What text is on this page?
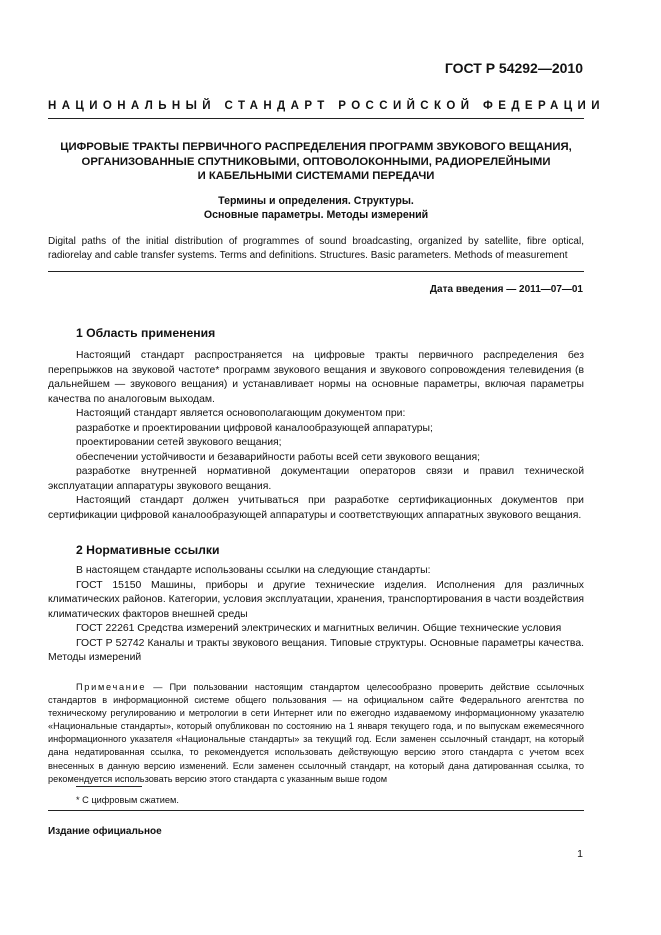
ГОСТ Р 54292—2010
НАЦИОНАЛЬНЫЙ СТАНДАРТ РОССИЙСКОЙ ФЕДЕРАЦИИ
ЦИФРОВЫЕ ТРАКТЫ ПЕРВИЧНОГО РАСПРЕДЕЛЕНИЯ ПРОГРАММ ЗВУКОВОГО ВЕЩАНИЯ,
ОРГАНИЗОВАННЫЕ СПУТНИКОВЫМИ, ОПТОВОЛОКОННЫМИ, РАДИОРЕЛЕЙНЫМИ
И КАБЕЛЬНЫМИ СИСТЕМАМИ ПЕРЕДАЧИ
Термины и определения. Структуры.
Основные параметры. Методы измерений

Digital paths of the initial distribution of programmes of sound broadcasting, organized by satellite, fibre optical, radiorelay and cable transfer systems. Terms and definitions. Structures. Basic parameters. Methods of measurement

Дата введения — 2011—07—01
1 Область применения

Настоящий стандарт распространяется на цифровые тракты первичного распределения без перепрыжков на звуковой частоте* программ звукового вещания и звукового сопровождения телевидения (в дальнейшем — звукового вещания) и устанавливает нормы на основные параметры, включая параметры качества по аналоговым выходам.

Настоящий стандарт является основополагающим документом при:

разработке и проектировании цифровой каналообразующей аппаратуры;

проектировании сетей звукового вещания;

обеспечении устойчивости и безаварийности работы всей сети звукового вещания;

разработке внутренней нормативной документации операторов связи и правил технической эксплуатации аппаратуры звукового вещания.

Настоящий стандарт должен учитываться при разработке сертификационных документов при сертификации цифровой каналообразующей аппаратуры и соответствующих аппаратных звукового вещания.

2 Нормативные ссылки

В настоящем стандарте использованы ссылки на следующие стандарты:

ГОСТ 15150 Машины, приборы и другие технические изделия. Исполнения для различных климатических районов. Категории, условия эксплуатации, хранения, транспортирования в части воздействия климатических факторов внешней среды

ГОСТ 22261 Средства измерений электрических и магнитных величин. Общие технические условия

ГОСТ Р 52742 Каналы и тракты звукового вещания. Типовые структуры. Основные параметры качества. Методы измерений

Примечание — При пользовании настоящим стандартом целесообразно проверить действие ссылочных стандартов в информационной системе общего пользования — на официальном сайте Федерального агентства по техническому регулированию и метрологии в сети Интернет или по ежегодно издаваемому информационному указателю «Национальные стандарты», который опубликован по состоянию на 1 января текущего года, и по выпускам ежемесячного информационного указателя «Национальные стандарты» за текущий год. Если заменен ссылочный стандарт, на который дана недатированная ссылка, то рекомендуется использовать действующую версию этого стандарта с учетом всех внесенных в данную версию изменений. Если заменен ссылочный стандарт, на который дана датированная ссылка, то рекомендуется использовать версию этого стандарта с указанным выше годом

* С цифровым сжатием.
Издание официальное
1
